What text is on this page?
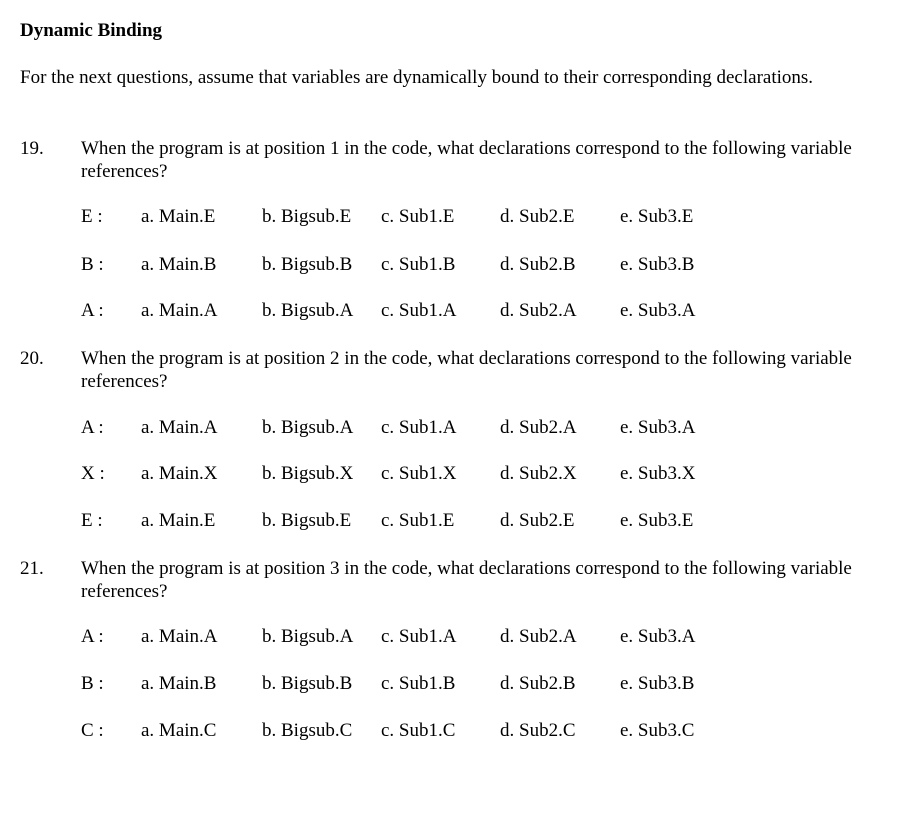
Dynamic Binding
For the next questions, assume that variables are dynamically bound to their corresponding declarations.
19. When the program is at position 1 in the code, what declarations correspond to the following variable references?
E : a. Main.E b. Bigsub.E c. Sub1.E d. Sub2.E e. Sub3.E
B : a. Main.B b. Bigsub.B c. Sub1.B d. Sub2.B e. Sub3.B
A : a. Main.A b. Bigsub.A c. Sub1.A d. Sub2.A e. Sub3.A
20. When the program is at position 2 in the code, what declarations correspond to the following variable references?
A : a. Main.A b. Bigsub.A c. Sub1.A d. Sub2.A e. Sub3.A
X : a. Main.X b. Bigsub.X c. Sub1.X d. Sub2.X e. Sub3.X
E : a. Main.E b. Bigsub.E c. Sub1.E d. Sub2.E e. Sub3.E
21. When the program is at position 3 in the code, what declarations correspond to the following variable references?
A : a. Main.A b. Bigsub.A c. Sub1.A d. Sub2.A e. Sub3.A
B : a. Main.B b. Bigsub.B c. Sub1.B d. Sub2.B e. Sub3.B
C : a. Main.C b. Bigsub.C c. Sub1.C d. Sub2.C e. Sub3.C
